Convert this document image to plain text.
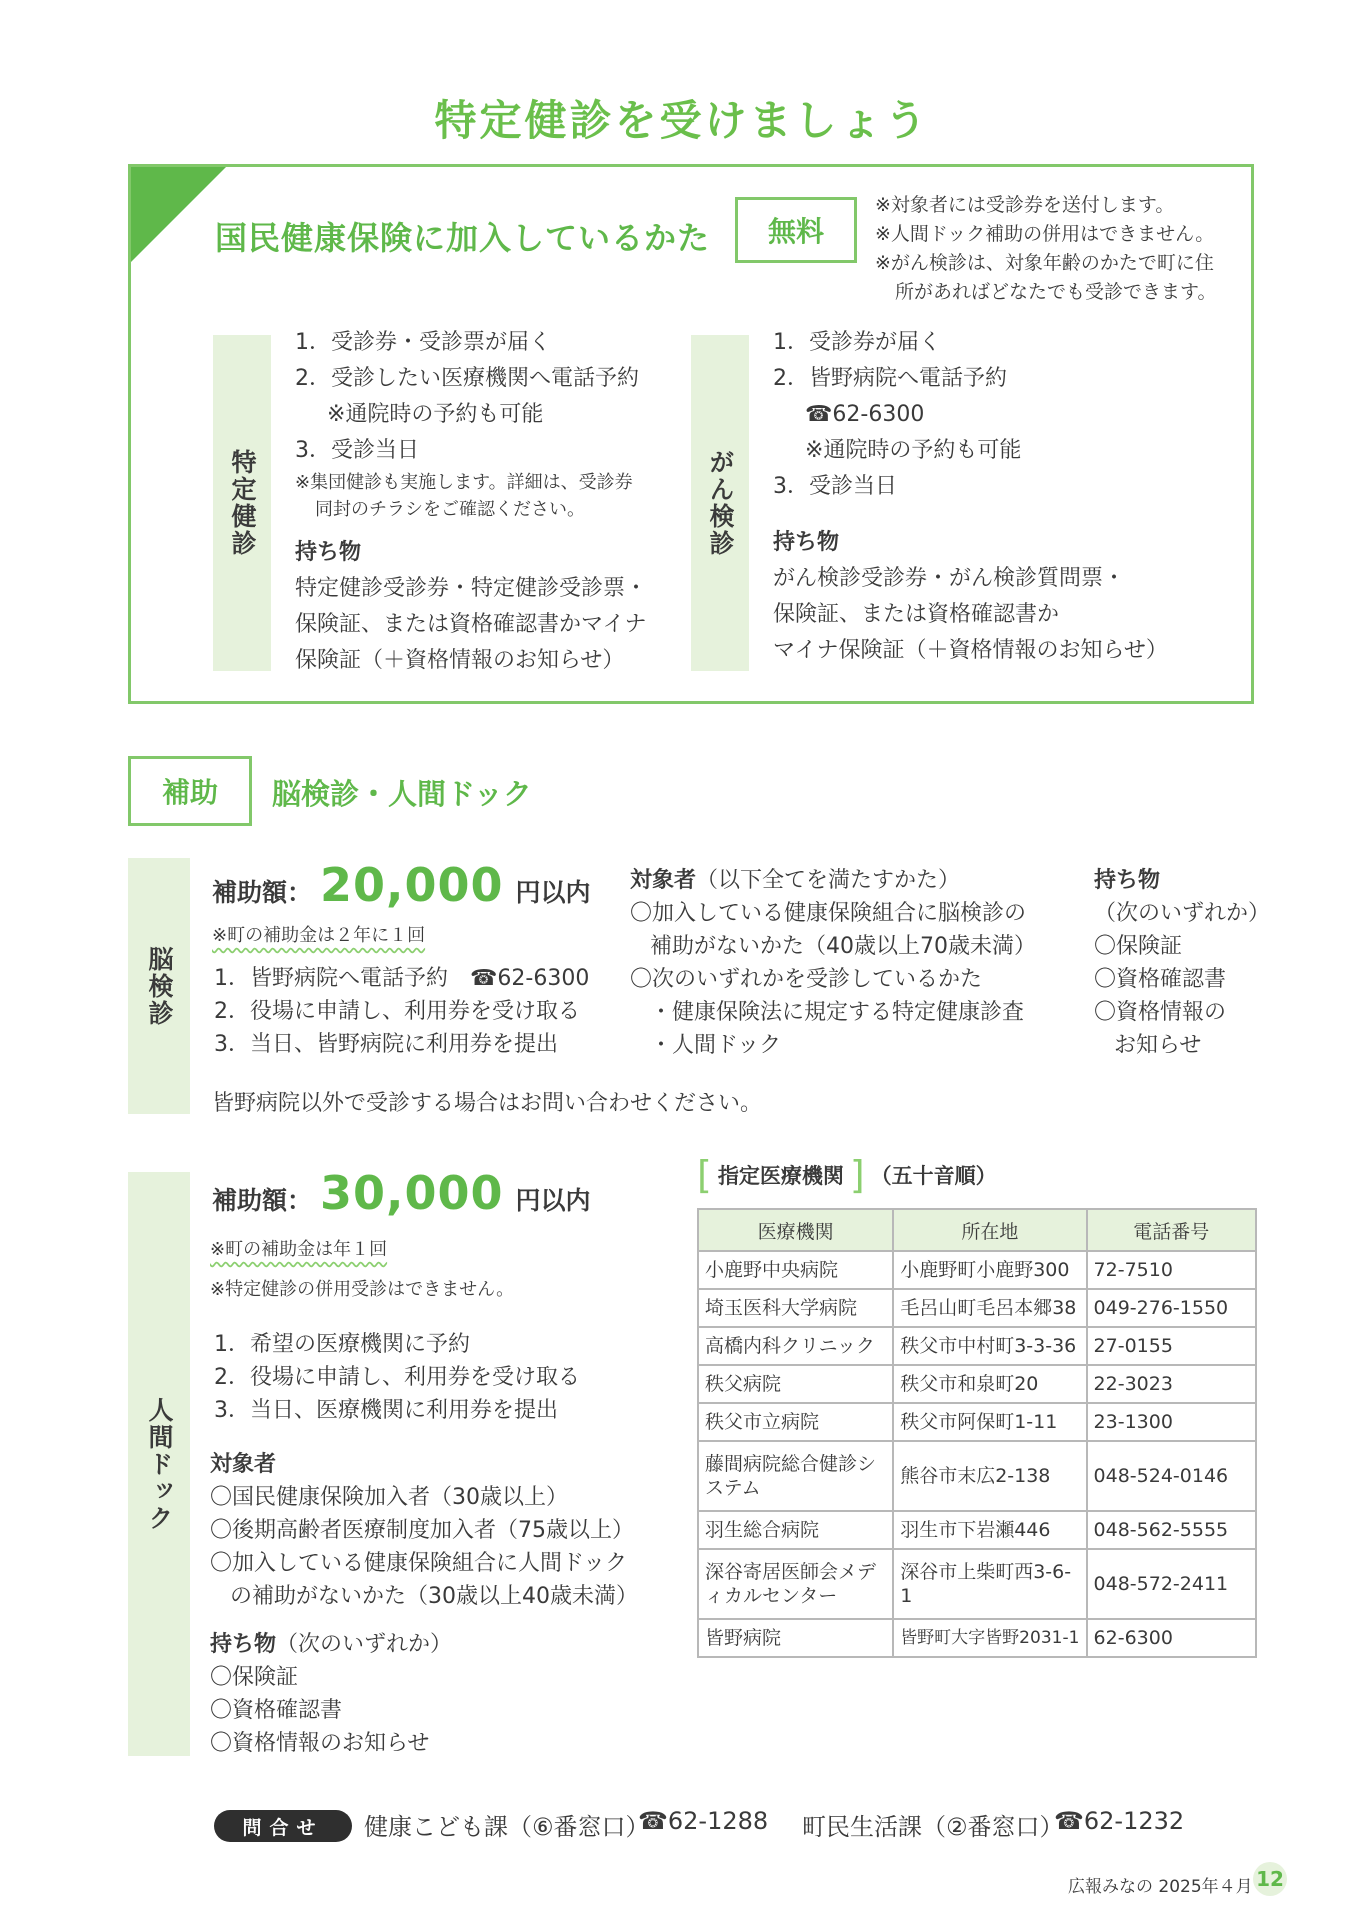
特定健診を受けましょう
国民健康保険に加入しているかた	無料
※対象者には受診券を送付します。
※人間ドック補助の併用はできません。
※がん検診は、対象年齢のかたで町に住
所があればどなたでも受診できます。
特定健診
1．受診券・受診票が届く
2．受診したい医療機関へ電話予約
※通院時の予約も可能
3．受診当日
※集団健診も実施します。詳細は、受診券
同封のチラシをご確認ください。
持ち物
特定健診受診券・特定健診受診票・
保険証、または資格確認書かマイナ
保険証（＋資格情報のお知らせ）
がん検診
1．受診券が届く
2．皆野病院へ電話予約
☎62-6300
※通院時の予約も可能
3．受診当日
持ち物
がん検診受診券・がん検診質問票・
保険証、または資格確認書か
マイナ保険証（＋資格情報のお知らせ）
補助	脳検診・人間ドック
脳検診
補助額： 20,000 円以内
※町の補助金は２年に１回
1．皆野病院へ電話予約　☎62-6300
2．役場に申請し、利用券を受け取る
3．当日、皆野病院に利用券を提出
対象者（以下全てを満たすかた）
〇加入している健康保険組合に脳検診の
補助がないかた（40歳以上70歳未満）
〇次のいずれかを受診しているかた
・健康保険法に規定する特定健康診査
・人間ドック
持ち物
（次のいずれか）
〇保険証
〇資格確認書
〇資格情報の
お知らせ
皆野病院以外で受診する場合はお問い合わせください。
人間ドック
補助額： 30,000 円以内
※町の補助金は年１回
※特定健診の併用受診はできません。
1．希望の医療機関に予約
2．役場に申請し、利用券を受け取る
3．当日、医療機関に利用券を提出
対象者
〇国民健康保険加入者（30歳以上）
〇後期高齢者医療制度加入者（75歳以上）
〇加入している健康保険組合に人間ドック
の補助がないかた（30歳以上40歳未満）
持ち物（次のいずれか）
〇保険証
〇資格確認書
〇資格情報のお知らせ
[ 指定医療機関 ] （五十音順）
医療機関	所在地	電話番号
小鹿野中央病院	小鹿野町小鹿野300	72-7510
埼玉医科大学病院	毛呂山町毛呂本郷38	049-276-1550
高橋内科クリニック	秩父市中村町3-3-36	27-0155
秩父病院	秩父市和泉町20	22-3023
秩父市立病院	秩父市阿保町1-11	23-1300
藤間病院総合健診システム	熊谷市末広2-138	048-524-0146
羽生総合病院	羽生市下岩瀬446	048-562-5555
深谷寄居医師会メディカルセンター	深谷市上柴町西3-6-1	048-572-2411
皆野病院	皆野町大字皆野2031-1	62-6300
問合せ	健康こども課（⑥番窓口）
☎62-1288 町民生活課（②番窓口）
☎62-1232
広報みなの 2025年４月 12
